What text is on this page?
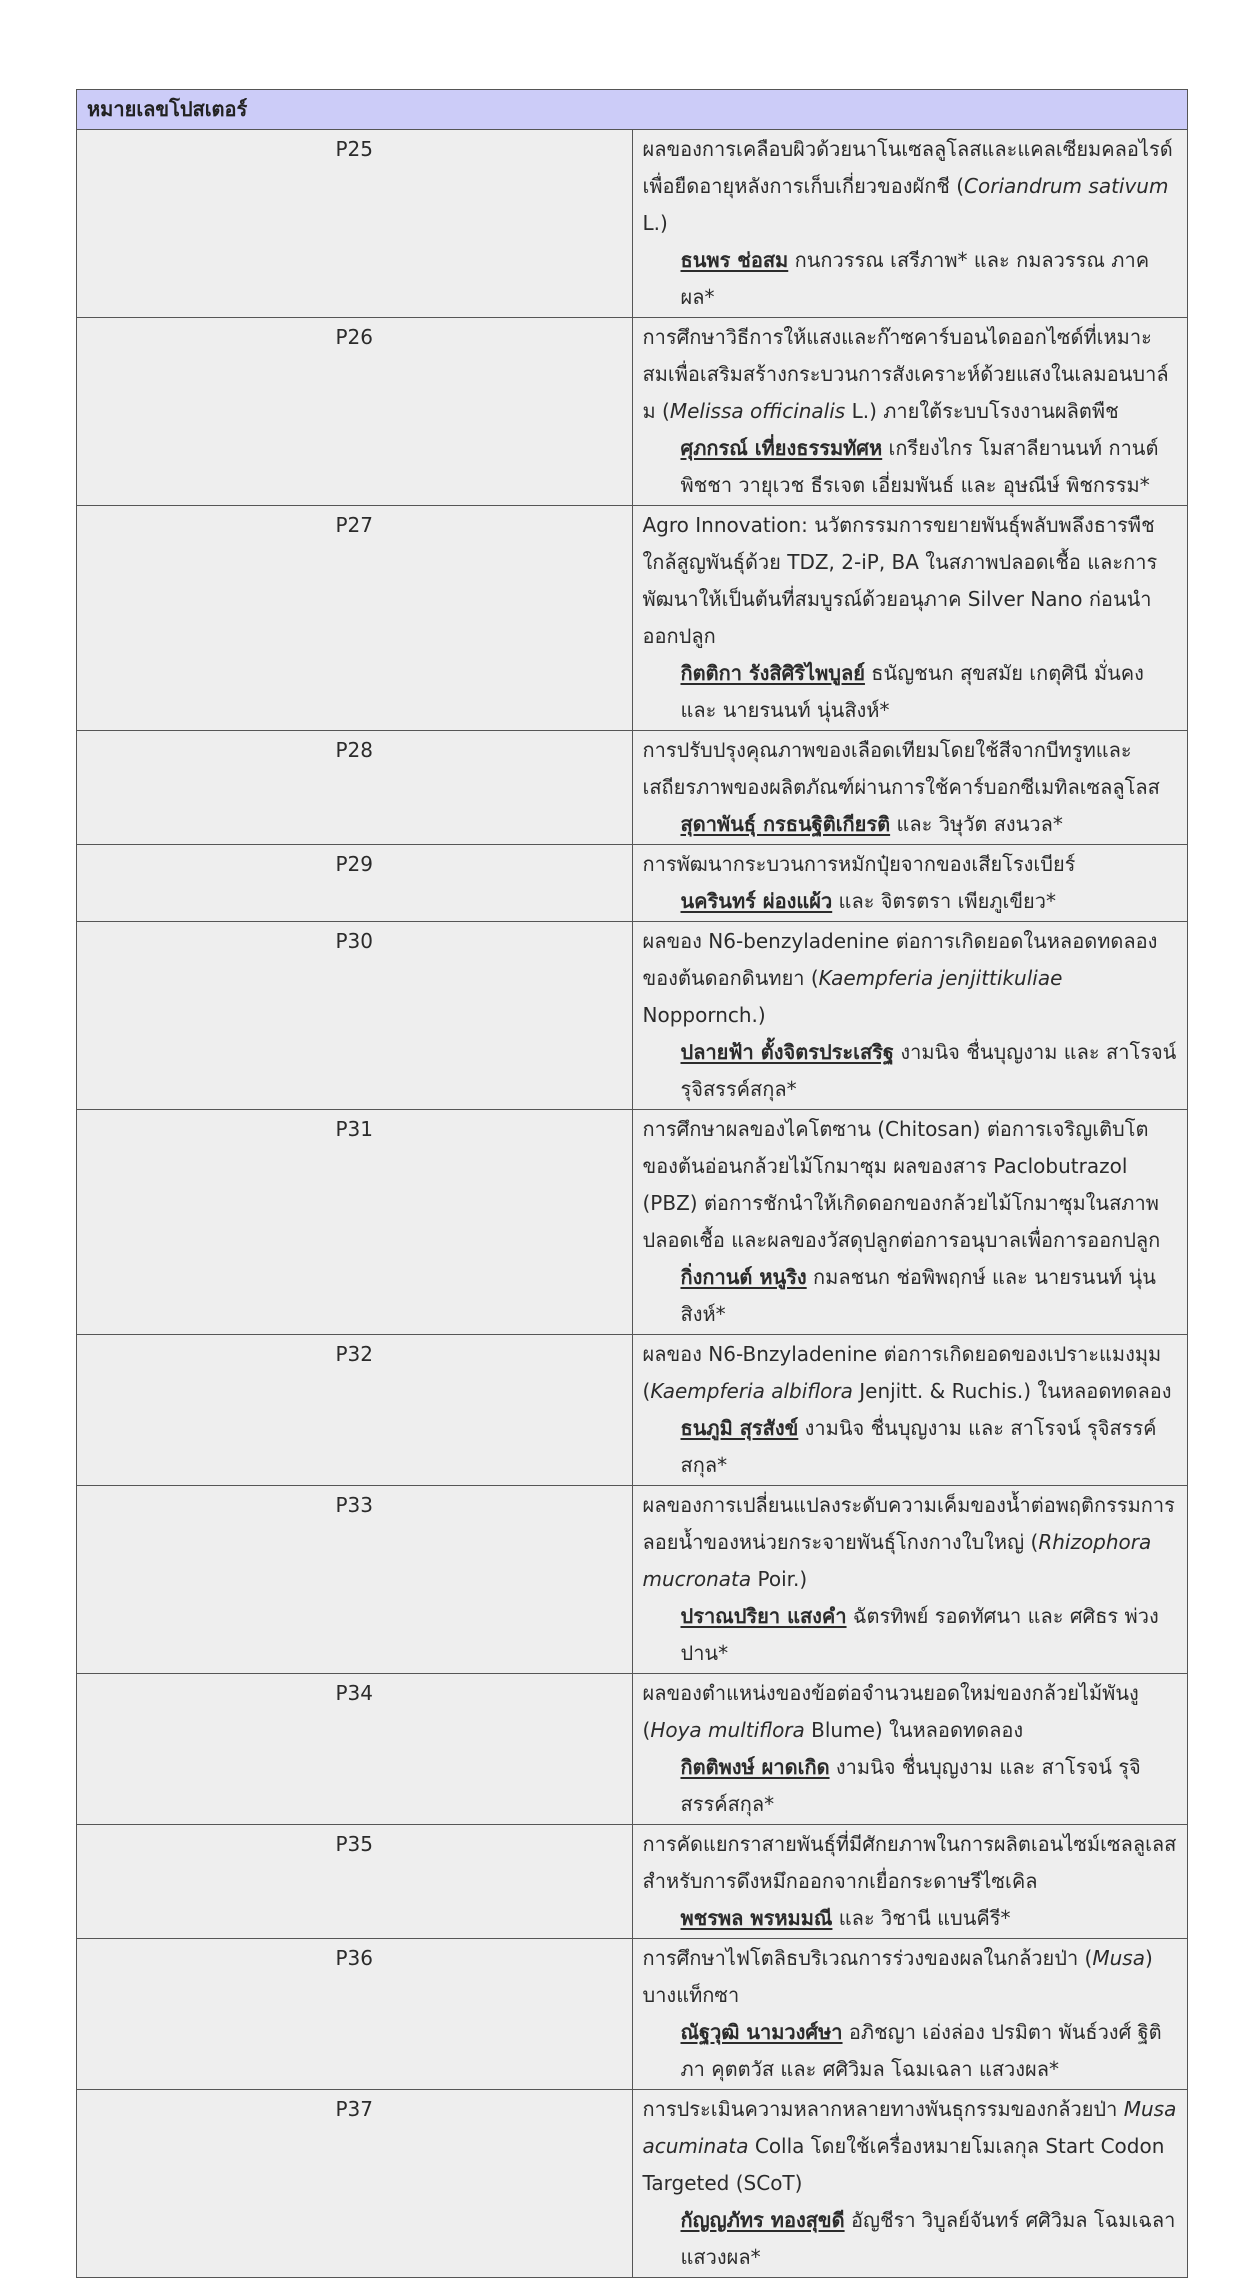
หมายเลขโปสเตอร์	
P25	ผลของการเคลือบผิวด้วยนาโนเซลลูโลสและแคลเซียมคลอไรด์เพื่อยืดอายุหลังการเก็บเกี่ยวของผักชี (Coriandrum sativum L.)
ธนพร ช่อสม กนกวรรณ เสรีภาพ* และ กมลวรรณ ภาคผล*

P26	การศึกษาวิธีการให้แสงและก๊าซคาร์บอนไดออกไซด์ที่เหมาะสมเพื่อเสริมสร้างกระบวนการสังเคราะห์ด้วยแสงในเลมอนบาล์ม (Melissa officinalis L.) ภายใต้ระบบโรงงานผลิตพืช
ศุภกรณ์ เที่ยงธรรมทัศห เกรียงไกร โมสาลียานนท์ กานต์พิชชา วายุเวช ธีรเจต เอี่ยมพันธ์ และ อุษณีษ์ พิชกรรม*

P27	Agro Innovation: นวัตกรรมการขยายพันธุ์พลับพลึงธารพืชใกล้สูญพันธุ์ด้วย TDZ, 2-iP, BA ในสภาพปลอดเชื้อ และการพัฒนาให้เป็นต้นที่สมบูรณ์ด้วยอนุภาค Silver Nano ก่อนนำออกปลูก
กิตติกา รังสิศิริไพบูลย์ ธนัญชนก สุขสมัย เกตุศินี มั่นคง และ นายรนนท์ นุ่นสิงห์*

P28	การปรับปรุงคุณภาพของเลือดเทียมโดยใช้สีจากบีทรูทและเสถียรภาพของผลิตภัณฑ์ผ่านการใช้คาร์บอกซีเมทิลเซลลูโลส
สุดาพันธุ์ กรธนฐิติเกียรติ และ วิษุวัต สงนวล*

P29	การพัฒนากระบวนการหมักปุ๋ยจากของเสียโรงเบียร์
นครินทร์ ผ่องแผ้ว และ จิตรตรา เพียภูเขียว*

P30	ผลของ N6-benzyladenine ต่อการเกิดยอดในหลอดทดลองของต้นดอกดินทยา (Kaempferia jenjittikuliae Noppornch.)
ปลายฟ้า ตั้งจิตรประเสริฐ งามนิจ ชื่นบุญงาม และ สาโรจน์ รุจิสรรค์สกุล*

P31	การศึกษาผลของไคโตซาน (Chitosan) ต่อการเจริญเติบโตของต้นอ่อนกล้วยไม้โกมาซุม ผลของสาร Paclobutrazol (PBZ) ต่อการชักนำให้เกิดดอกของกล้วยไม้โกมาซุมในสภาพปลอดเชื้อ และผลของวัสดุปลูกต่อการอนุบาลเพื่อการออกปลูก
กิ่งกานต์ หนูริง กมลชนก ช่อพิพฤกษ์ และ นายรนนท์ นุ่นสิงห์*

P32	ผลของ N6-Bnzyladenine ต่อการเกิดยอดของเปราะแมงมุม (Kaempferia albiflora Jenjitt. & Ruchis.) ในหลอดทดลอง
ธนภูมิ สุรสังข์ งามนิจ ชื่นบุญงาม และ สาโรจน์ รุจิสรรค์สกุล*

P33	ผลของการเปลี่ยนแปลงระดับความเค็มของน้ำต่อพฤติกรรมการลอยน้ำของหน่วยกระจายพันธุ์โกงกางใบใหญ่ (Rhizophora mucronata Poir.)
ปราณปริยา แสงคำ ฉัตรทิพย์ รอดทัศนา และ ศศิธร พ่วงปาน*

P34	ผลของตำแหน่งของข้อต่อจำนวนยอดใหม่ของกล้วยไม้พันงู (Hoya multiflora Blume) ในหลอดทดลอง
กิตติพงษ์ ผาดเกิด งามนิจ ชื่นบุญงาม และ สาโรจน์ รุจิสรรค์สกุล*

P35	การคัดแยกราสายพันธุ์ที่มีศักยภาพในการผลิตเอนไซม์เซลลูเลสสำหรับการดึงหมึกออกจากเยื่อกระดาษรีไซเคิล
พชรพล พรหมมณี และ วิชานี แบนคีรี*

P36	การศึกษาไฟโตลิธบริเวณการร่วงของผลในกล้วยป่า (Musa) บางแท็กซา
ณัฐวุฒิ นามวงศ์ษา อภิชญา เอ่งล่อง ปรมิตา พันธ์วงศ์ ฐิติภา คุตตวัส และ ศศิวิมล โฉมเฉลา แสวงผล*

P37	การประเมินความหลากหลายทางพันธุกรรมของกล้วยป่า Musa acuminata Colla โดยใช้เครื่องหมายโมเลกุล Start Codon Targeted (SCoT)
กัญญภัทร ทองสุขดี อัญชีรา วิบูลย์จันทร์ ศศิวิมล โฉมเฉลา แสวงผล*
